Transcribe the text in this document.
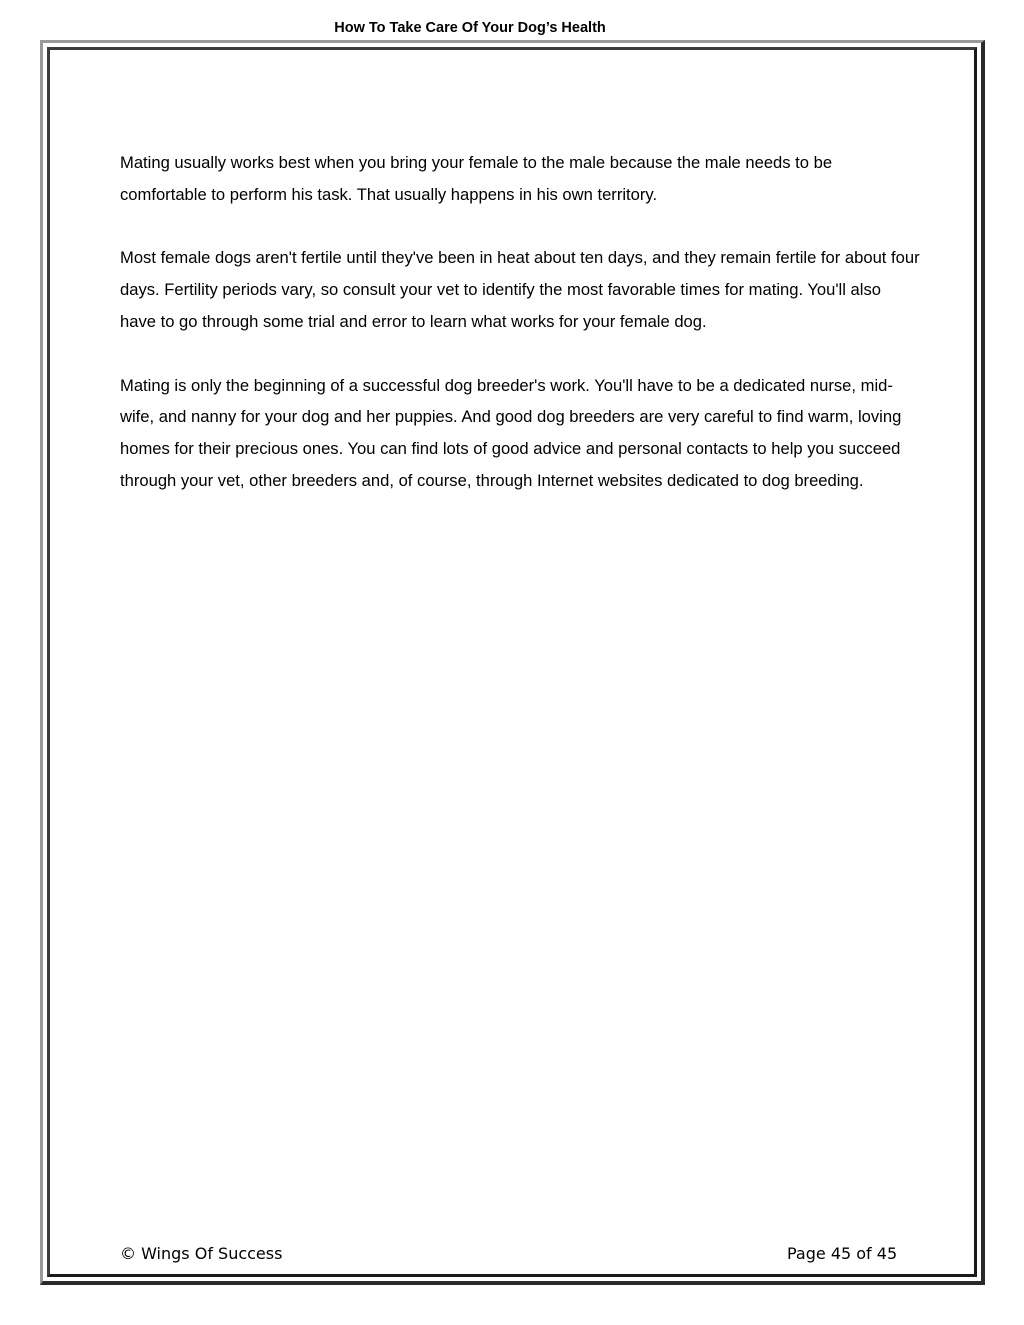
How To Take Care Of Your Dog’s Health

Mating usually works best when you bring your female to the male because the male needs to be comfortable to perform his task. That usually happens in his own territory.

Most female dogs aren't fertile until they've been in heat about ten days, and they remain fertile for about four days. Fertility periods vary, so consult your vet to identify the most favorable times for mating. You'll also have to go through some trial and error to learn what works for your female dog.

Mating is only the beginning of a successful dog breeder's work. You'll have to be a dedicated nurse, mid-wife, and nanny for your dog and her puppies. And good dog breeders are very careful to find warm, loving homes for their precious ones. You can find lots of good advice and personal contacts to help you succeed through your vet, other breeders and, of course, through Internet websites dedicated to dog breeding.

© Wings Of Success	Page 45 of 45
